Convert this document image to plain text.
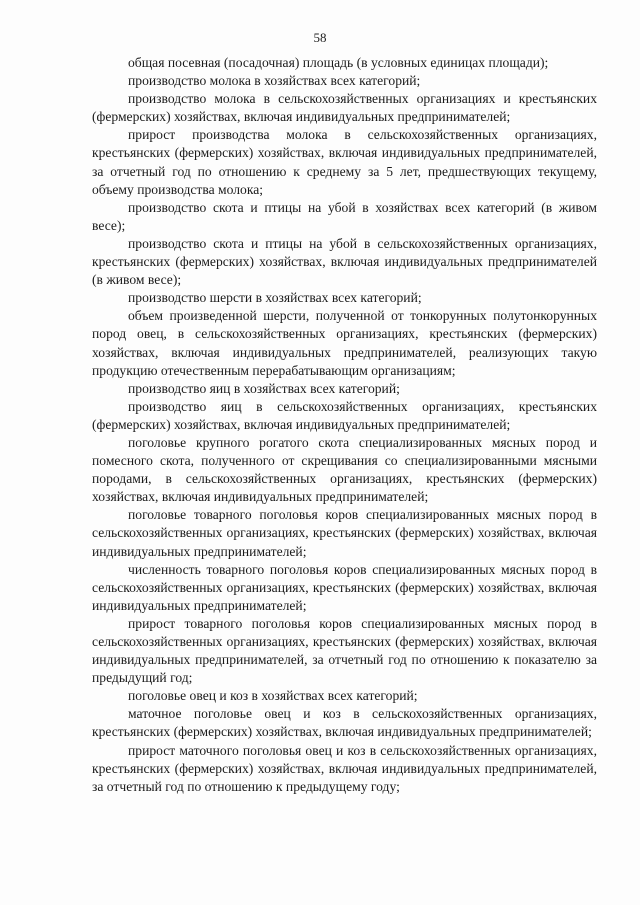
58

общая посевная (посадочная) площадь (в условных единицах площади);

производство молока в хозяйствах всех категорий;

производство молока в сельскохозяйственных организациях и крестьянских (фермерских) хозяйствах, включая индивидуальных предпринимателей;

прирост производства молока в сельскохозяйственных организациях, крестьянских (фермерских) хозяйствах, включая индивидуальных предпринимателей, за отчетный год по отношению к среднему за 5 лет, предшествующих текущему, объему производства молока;

производство скота и птицы на убой в хозяйствах всех категорий (в живом весе);

производство скота и птицы на убой в сельскохозяйственных организациях, крестьянских (фермерских) хозяйствах, включая индивидуальных предпринимателей (в живом весе);

производство шерсти в хозяйствах всех категорий;

объем произведенной шерсти, полученной от тонкорунных полутонкорунных пород овец, в сельскохозяйственных организациях, крестьянских (фермерских) хозяйствах, включая индивидуальных предпринимателей, реализующих такую продукцию отечественным перерабатывающим организациям;

производство яиц в хозяйствах всех категорий;

производство яиц в сельскохозяйственных организациях, крестьянских (фермерских) хозяйствах, включая индивидуальных предпринимателей;

поголовье крупного рогатого скота специализированных мясных пород и помесного скота, полученного от скрещивания со специализированными мясными породами, в сельскохозяйственных организациях, крестьянских (фермерских) хозяйствах, включая индивидуальных предпринимателей;

поголовье товарного поголовья коров специализированных мясных пород в сельскохозяйственных организациях, крестьянских (фермерских) хозяйствах, включая индивидуальных предпринимателей;

численность товарного поголовья коров специализированных мясных пород в сельскохозяйственных организациях, крестьянских (фермерских) хозяйствах, включая индивидуальных предпринимателей;

прирост товарного поголовья коров специализированных мясных пород в сельскохозяйственных организациях, крестьянских (фермерских) хозяйствах, включая индивидуальных предпринимателей, за отчетный год по отношению к показателю за предыдущий год;

поголовье овец и коз в хозяйствах всех категорий;

маточное поголовье овец и коз в сельскохозяйственных организациях, крестьянских (фермерских) хозяйствах, включая индивидуальных предпринимателей;

прирост маточного поголовья овец и коз в сельскохозяйственных организациях, крестьянских (фермерских) хозяйствах, включая индивидуальных предпринимателей, за отчетный год по отношению к предыдущему году;
